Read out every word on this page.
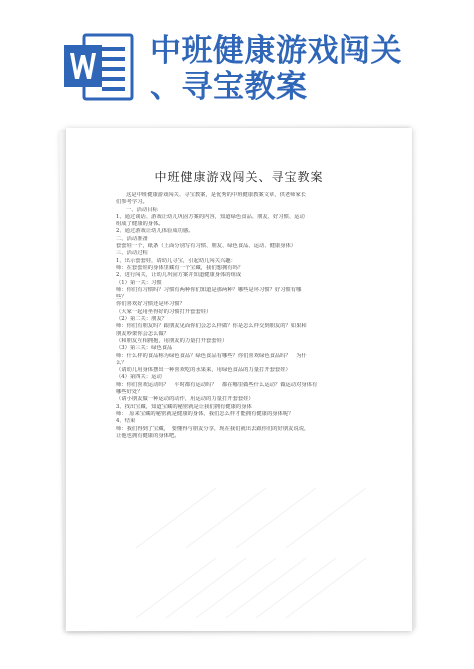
中班健康游戏闯关
、寻宝教案
中班健康游戏闯关、寻宝教案
这是中班健康游戏闯关、寻宝教案，是优秀的中班健康教案文章，供老师家长
们参考学习。
一、活动目标
1、通过谈话、游戏让幼儿巩固方案的内容，知道绿色食品、朋友、好习惯、运动
组成了健康的身体。
2、通过游戏让幼儿体验成功感。
二、活动准备
套套娃一个，纸条（上面分别写有习惯、朋友、绿色食品、运动、健康身体）
三、活动过程
1、出示套套娃，请幼儿寻宝，引起幼儿闯关兴趣：
师：在套套娃的身体里藏有一个宝藏，我们想拥有吗？
2、进行闯关，让幼儿巩固方案并知道健康身体的组成
（1）第一关：习惯
师：你们有习惯吗？习惯有两种你们知道是那两种？哪些是坏习惯？好习惯有哪
些？
你们喜欢好习惯还是坏习惯？
（大家一起用坐得好的习惯打开套套娃）
（2）第二关：朋友？
师：你们有朋友吗？跟朋友见面你们会怎么样做？你是怎么样交到朋友的？如果和
朋友吵架你会怎么做？
（和朋友互相拥抱，用朋友的力量打开套套娃）
（3）第三关：绿色食品
师：什么样的食品称为绿色食品？绿色食品有哪些？你们喜欢绿色食品吗？　为什
么？
（请幼儿用身体摆出一种喜欢吃的水果来，用绿色食品的力量打开套套娃）
（4）第四关：运动
师：你们喜欢运动吗？　平时都有运动吗？　都在哪里做些什么运动？做运动对身体有
哪些好处？
（请小朋友做一种运动的动作，用运动的力量打开套套娃）
3、找出宝藏，知道宝藏的秘密就是让我们拥有健康的身体
师：　原来宝藏的秘密就是健康的身体，我们怎么样才能拥有健康的身体呢？
4、结束
师：我们得到了宝藏，　要懂得与朋友分享，现在我们就出去跟你们的好朋友说说，
让他也拥有健康的身体吧。
